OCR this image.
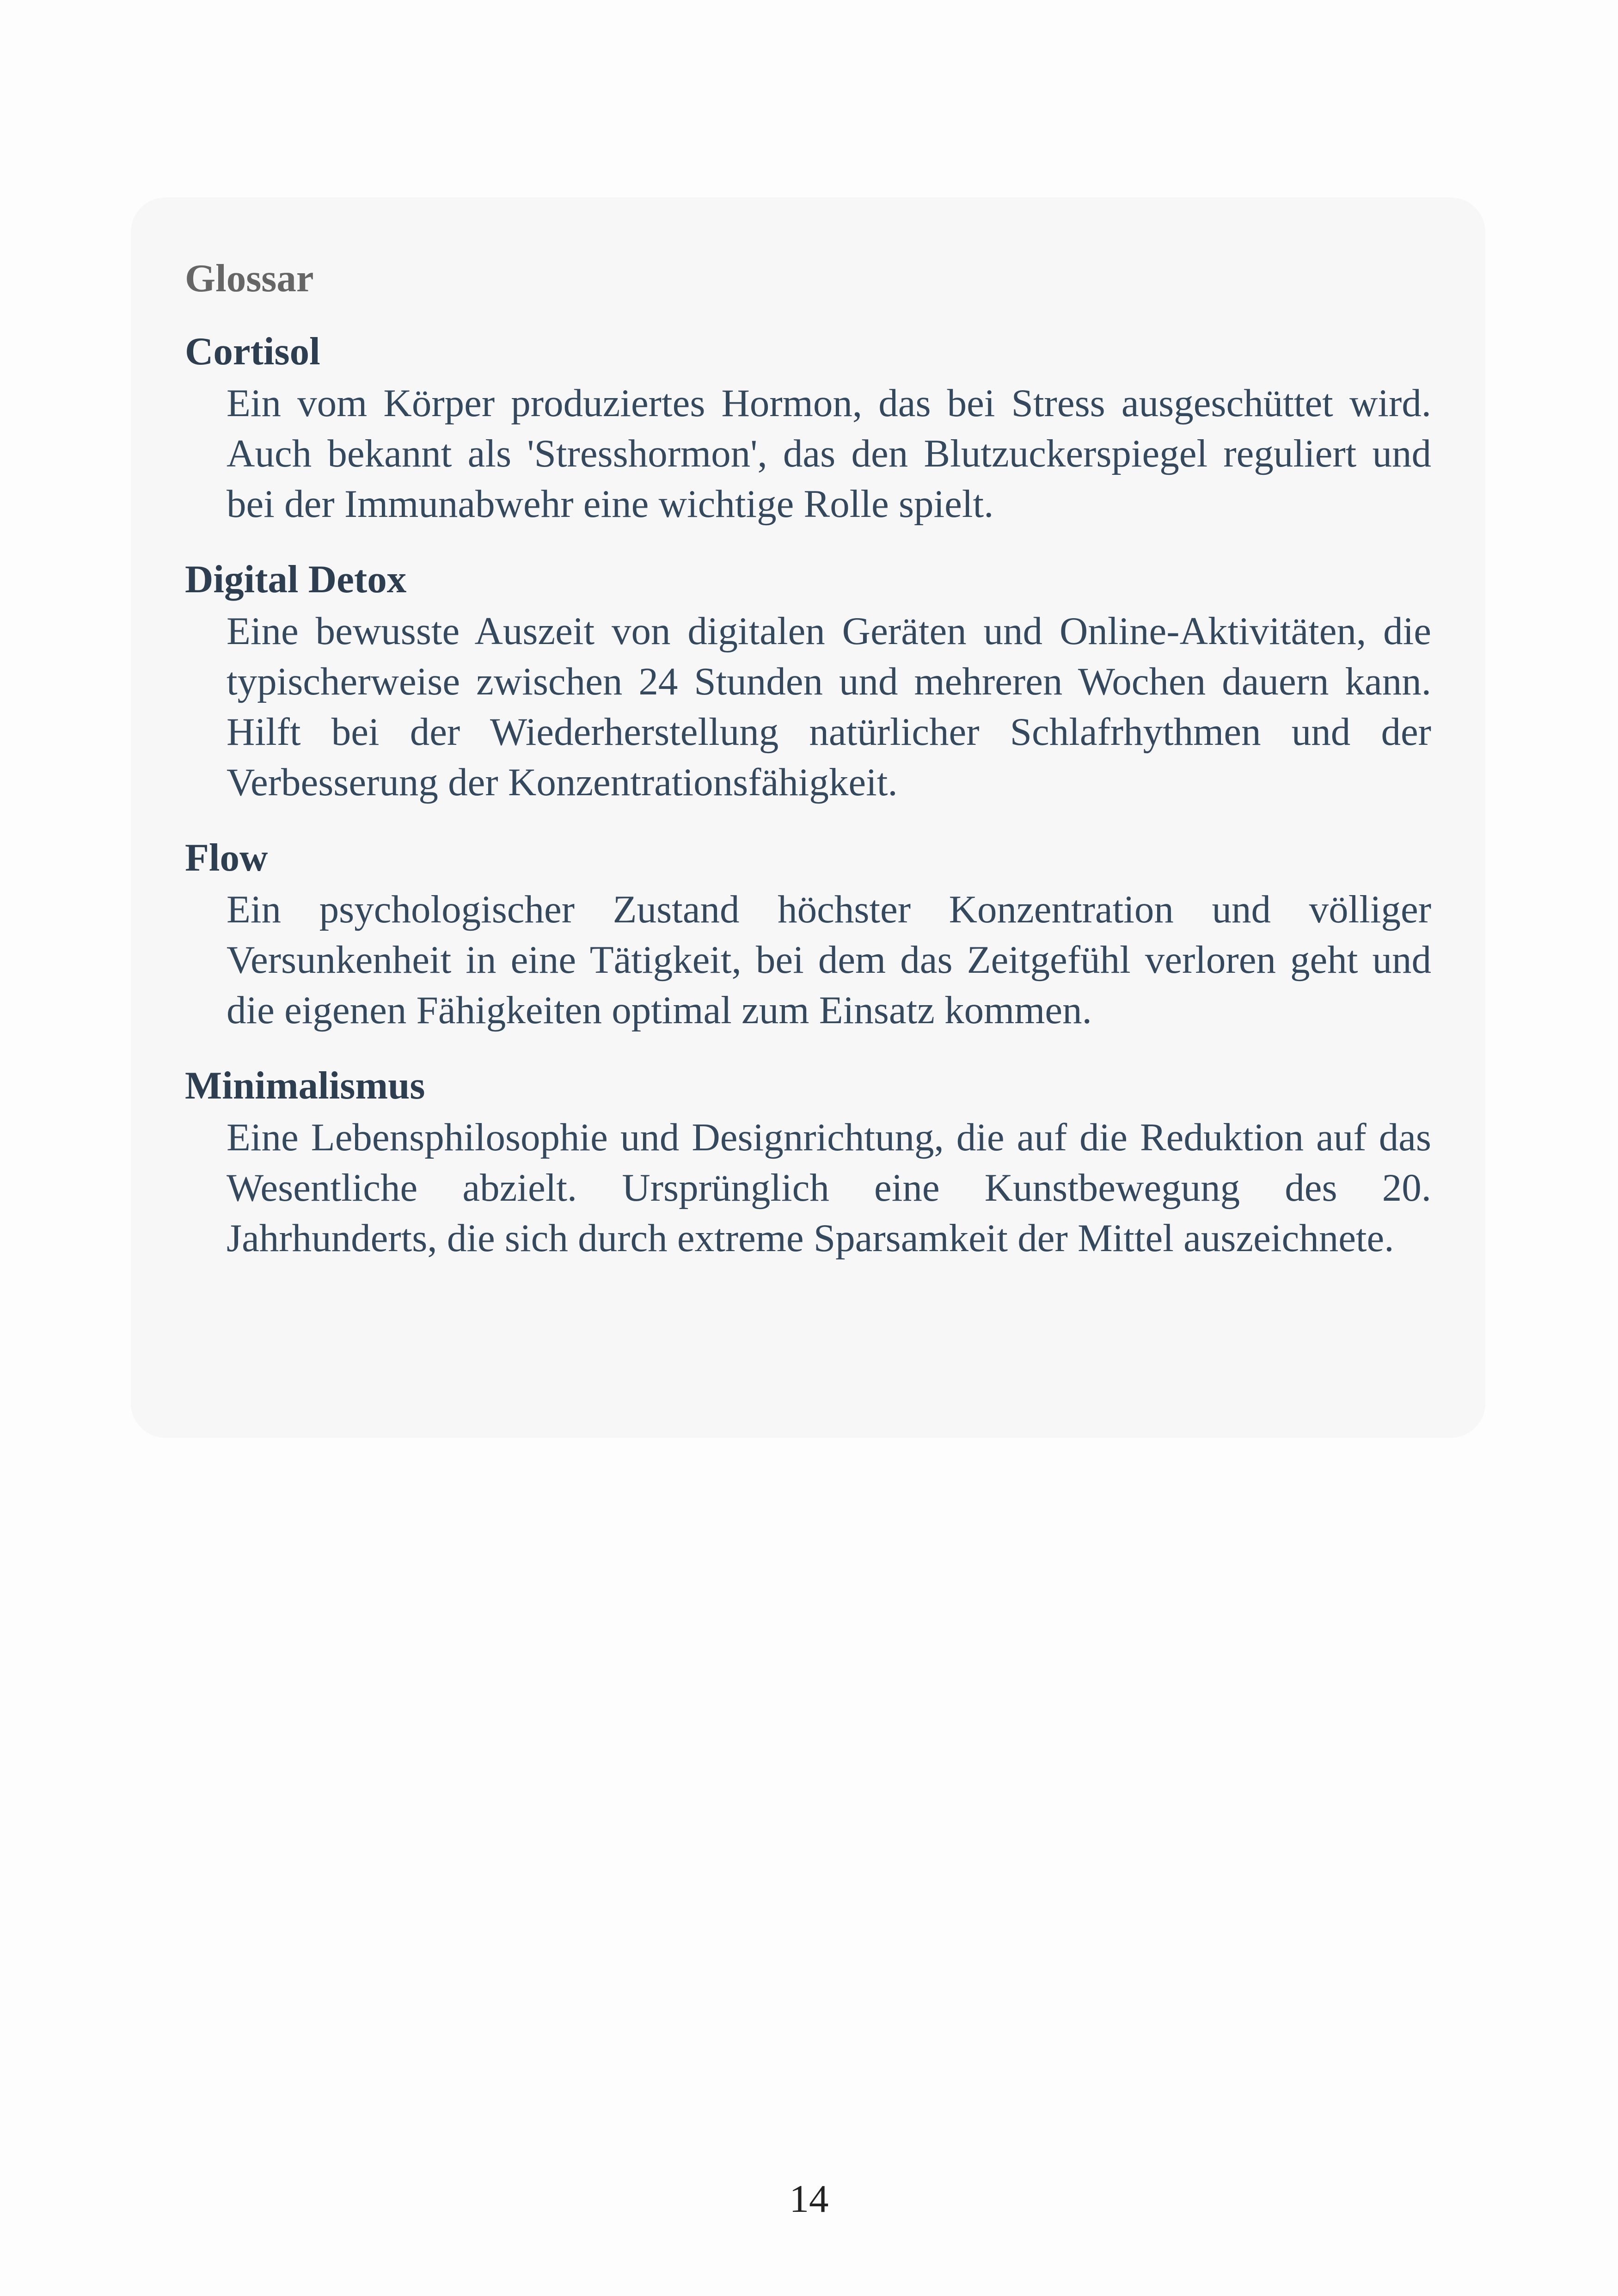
Glossar
Cortisol
Ein vom Körper produziertes Hormon, das bei Stress ausgeschüttet wird. Auch bekannt als 'Stresshormon', das den Blutzuckerspiegel reguliert und bei der Immunabwehr eine wichtige Rolle spielt.
Digital Detox
Eine bewusste Auszeit von digitalen Geräten und Online-Aktivitäten, die typischerweise zwischen 24 Stunden und mehreren Wochen dauern kann. Hilft bei der Wiederherstellung natürlicher Schlafrhythmen und der Verbesserung der Konzentrationsfähigkeit.
Flow
Ein psychologischer Zustand höchster Konzentration und völliger Versunkenheit in eine Tätigkeit, bei dem das Zeitgefühl verloren geht und die eigenen Fähigkeiten optimal zum Einsatz kommen.
Minimalismus
Eine Lebensphilosophie und Designrichtung, die auf die Reduktion auf das Wesentliche abzielt. Ursprünglich eine Kunstbewegung des 20. Jahrhunderts, die sich durch extreme Sparsamkeit der Mittel auszeichnete.
14
